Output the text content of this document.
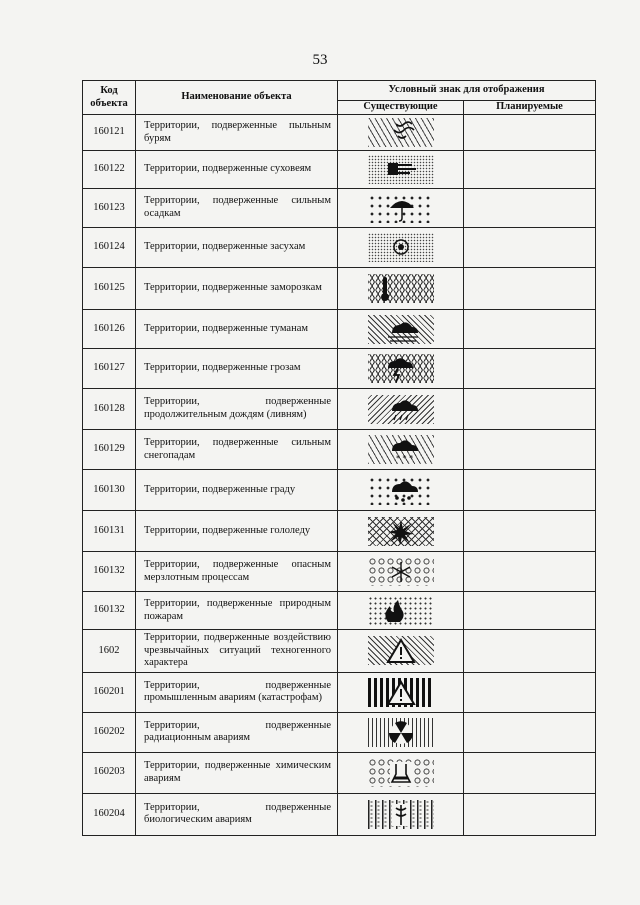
53
Код объекта	Наименование объекта	Условный знак для отображения	
		Существующие	Планируемые
160121	Территории, подверженные пыльным бурям	

160122	Территории, подверженные суховеям	

160123	Территории, подверженные сильным осадкам	

160124	Территории, подверженные засухам	

160125	Территории, подверженные заморозкам	

160126	Территории, подверженные туманам	

160127	Территории, подверженные грозам	

160128	Территории, подверженные продолжительным дождям (ливням)	

160129	Территории, подверженные сильным снегопадам	* * *	

160130	Территории, подверженные граду	

160131	Территории, подверженные гололеду	

160132	Территории, подверженные опасным мерзлотным процессам	

160132	Территории, подверженные природным пожарам	

1602	Территории, подверженные воздействию чрезвычайных ситуаций техногенного характера	

160201	Территории, подверженные промышленным авариям (катастрофам)	

160202	Территории, подверженные радиационным авариям	

160203	Территории, подверженные химическим авариям	

160204	Территории, подверженные биологическим авариям	
